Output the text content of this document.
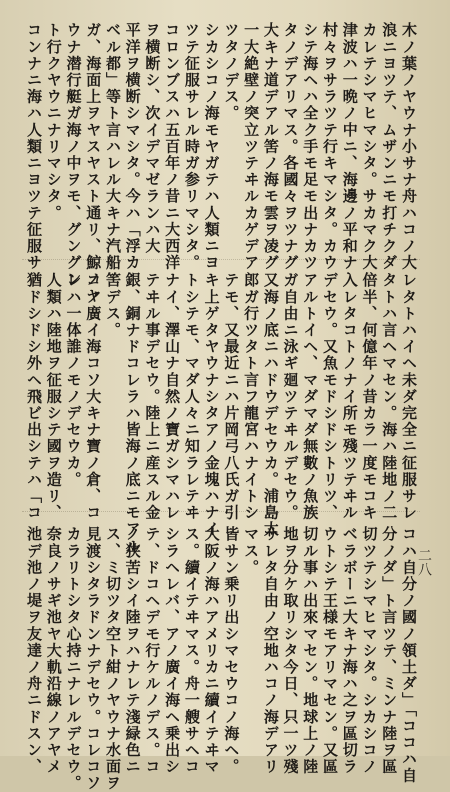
二八
木ノ葉ノヤウナ小サナ舟ハコノ大
浪ニヨツテ、ムザンニモ打チクダ
カレテシマヒマシタ。サカマク大
津波ハ一晩ノ中ニ、海邊ノ平和ナ
村々ヲサラツテ行キマシタ。カウ
シテ海ヘハ全ク手モ足モ出ナカツ
タノデアリマス。各國々ヲツナグ
大キナ道デアル筈ノ海モ雲ヲ凌グ
一大絶壁ノ突立ツテヰルカゲデア
ツタノデス。
シカシコノ海モヤガテハ人類ニヨ
ツテ征服サレル時ガ参リマシタ。
コロンブスハ五百年ノ昔ニ大西洋
ヲ横断シ、次イデマゼランハ大
平洋ヲ横断シマシタ。今ハ「浮カ
ベル都」等ト言ハレル大キナ汽船
ガ、海面上ヲヤスヤスト通リ、鯨ノヤ
ウナ潜行艇ガ海ノ中ヲモ、グングン
ト行クヤウニナリマシタ。
コンナニ海ハ人類ニヨツテ征服サ
レタトハイヘ未ダ完全ニ征服サレ
タトハ言ヘマセン。海ハ陸地ノ二
倍半、何億年ノ昔カラ一度モコキ
入レタコトノナイ所モ殘ツテヰル
デセウ。又魚モドシドシトリツ、
アルトイヘ、マダマダ無數ノ魚族
ガ自由ニ泳ギ廻ツテヰルデセウ。
又海ノ底ニハドウデセウカ。浦島太
郎ガ行ツタト言フ龍宮ハナイトシ
テモ、又最近ニハ片岡弓八氏ガ引
キ上ゲタヤウナシタアノ金塊ハナイ
トシテモ、マダ人々ニ知ラレテヰ
ナイ、澤山ナ自然ノ寶ガシマハレ
テヰル事デセウ。陸上ニ産スル金
銀、銅ナドコレラハ皆海ノ底ニモアル
筈デス。
コノ廣イ海コソ大キナ寶ノ倉、コ
レハ一体誰ノモノデセウカ。
人類ハ陸地ヲ征服シテ國ヲ造リ、
猶ドシドシ外ヘ飛ビ出シテハ「コ
コハ自分ノ國ノ領土ダ」「ココハ自
分ノダ」ト言ツテ、ミンナ陸ヲ區
切ツテシマヒマシタ。シカシコノ
ベラボーニ大キナ海ハ之ヲ區切ラ
ウトシテ王様モアリマセン。又區
切ル事ハ出來マセン。地球上ノ陸
地ヲ分ケ取リシタ今日、只一ツ殘
サレタ自由ノ空地ハコノ海デアリ
マス。
皆サン乗リ出シマセウコノ海ヘ。
大阪ノ海ハアメリカニ續イテヰマ
ス。續イテヰマス。舟一艘サヘコ
シラヘレバ、アノ廣イ海ヘ乗出シ
テ、ドコヘデモ行ケルノデス。コ
ノ狭苦シイ陸ヲハナレテ淺緑色ニ
ス、ミ切ツタ空ト紺ノヤウナ水面ヲ
見渡シタラドンナデセウ。コレコソ
カラリトシタ心持ニナレルデセウ。
奈良ノサギ池ヤ大軌沿線ノアヤメ
池デ池ノ堤ヲ友達ノ舟ニドスン、
